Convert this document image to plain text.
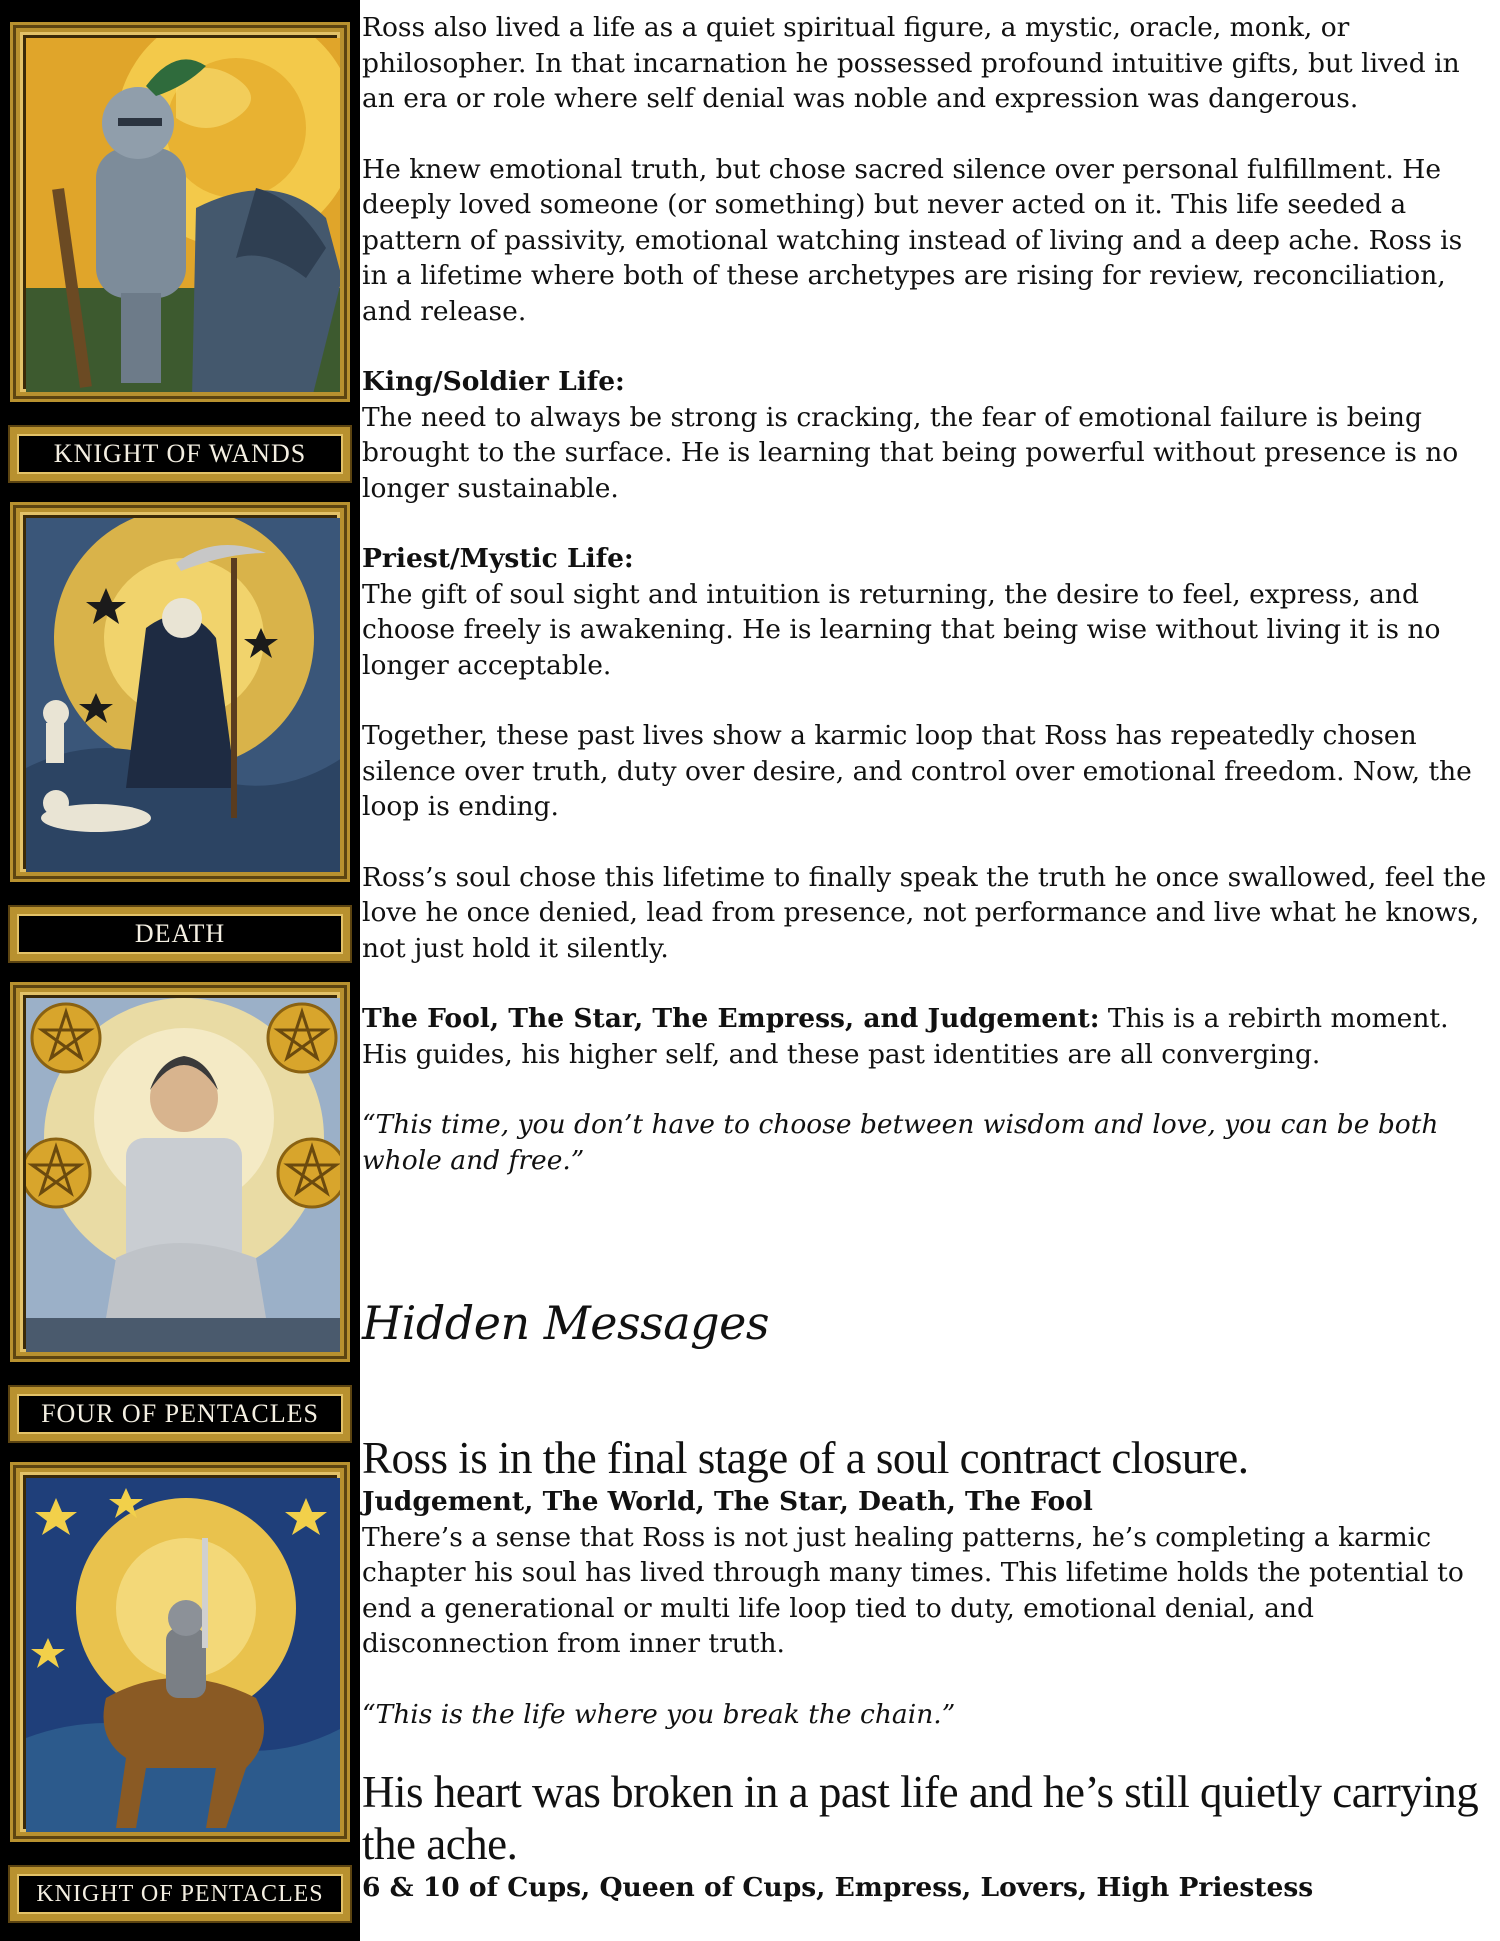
KNIGHT OF WANDS
DEATH
FOUR OF PENTACLES
KNIGHT OF PENTACLES

Ross also lived a life as a quiet spiritual figure, a mystic, oracle, monk, or philosopher. In that incarnation he possessed profound intuitive gifts, but lived in an era or role where self denial was noble and expression was dangerous.

He knew emotional truth, but chose sacred silence over personal fulfillment. He deeply loved someone (or something) but never acted on it. This life seeded a pattern of passivity, emotional watching instead of living and a deep ache. Ross is in a lifetime where both of these archetypes are rising for review, reconciliation, and release.

King/Soldier Life:

The need to always be strong is cracking, the fear of emotional failure is being brought to the surface. He is learning that being powerful without presence is no longer sustainable.

Priest/Mystic Life:

The gift of soul sight and intuition is returning, the desire to feel, express, and choose freely is awakening. He is learning that being wise without living it is no longer acceptable.

Together, these past lives show a karmic loop that Ross has repeatedly chosen silence over truth, duty over desire, and control over emotional freedom. Now, the loop is ending.

Ross’s soul chose this lifetime to finally speak the truth he once swallowed, feel the love he once denied, lead from presence, not performance and live what he knows, not just hold it silently.

The Fool, The Star, The Empress, and Judgement: This is a rebirth moment. His guides, his higher self, and these past identities are all converging.

“This time, you don’t have to choose between wisdom and love, you can be both whole and free.”

Hidden Messages

Ross is in the final stage of a soul contract closure.

Judgement, The World, The Star, Death, The Fool

There’s a sense that Ross is not just healing patterns, he’s completing a karmic chapter his soul has lived through many times. This lifetime holds the potential to end a generational or multi life loop tied to duty, emotional denial, and disconnection from inner truth.

“This is the life where you break the chain.”

His heart was broken in a past life and he’s still quietly carrying the ache.

6 & 10 of Cups, Queen of Cups, Empress, Lovers, High Priestess
